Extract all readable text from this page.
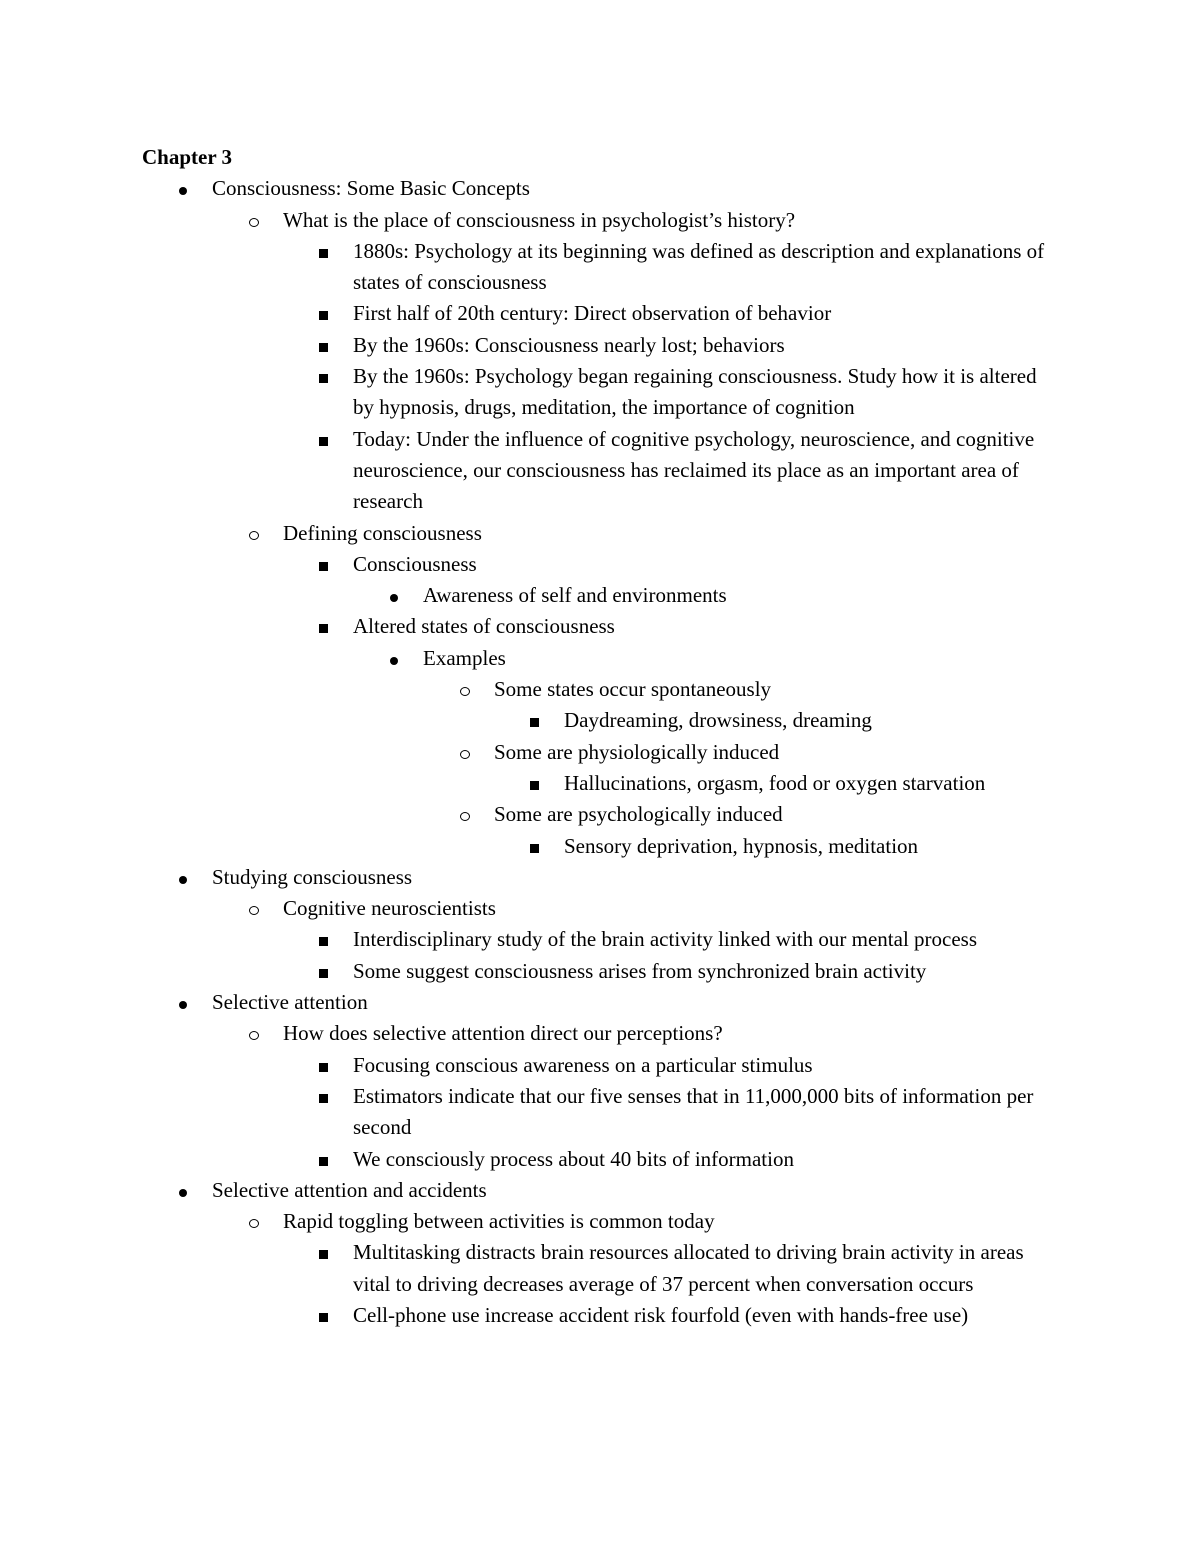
Chapter 3

Consciousness: Some Basic Concepts
What is the place of consciousness in psychologist’s history?
1880s: Psychology at its beginning was defined as description and explanations of states of consciousness
First half of 20th century: Direct observation of behavior
By the 1960s: Consciousness nearly lost; behaviors
By the 1960s: Psychology began regaining consciousness. Study how it is altered by hypnosis, drugs, meditation, the importance of cognition
Today: Under the influence of cognitive psychology, neuroscience, and cognitive neuroscience, our consciousness has reclaimed its place as an important area of research
Defining consciousness
Consciousness
Awareness of self and environments
Altered states of consciousness
Examples
Some states occur spontaneously
Daydreaming, drowsiness, dreaming
Some are physiologically induced
Hallucinations, orgasm, food or oxygen starvation
Some are psychologically induced
Sensory deprivation, hypnosis, meditation
Studying consciousness
Cognitive neuroscientists
Interdisciplinary study of the brain activity linked with our mental process
Some suggest consciousness arises from synchronized brain activity
Selective attention
How does selective attention direct our perceptions?
Focusing conscious awareness on a particular stimulus
Estimators indicate that our five senses that in 11,000,000 bits of information per second
We consciously process about 40 bits of information
Selective attention and accidents
Rapid toggling between activities is common today
Multitasking distracts brain resources allocated to driving brain activity in areas vital to driving decreases average of 37 percent when conversation occurs
Cell-phone use increase accident risk fourfold (even with hands-free use)
